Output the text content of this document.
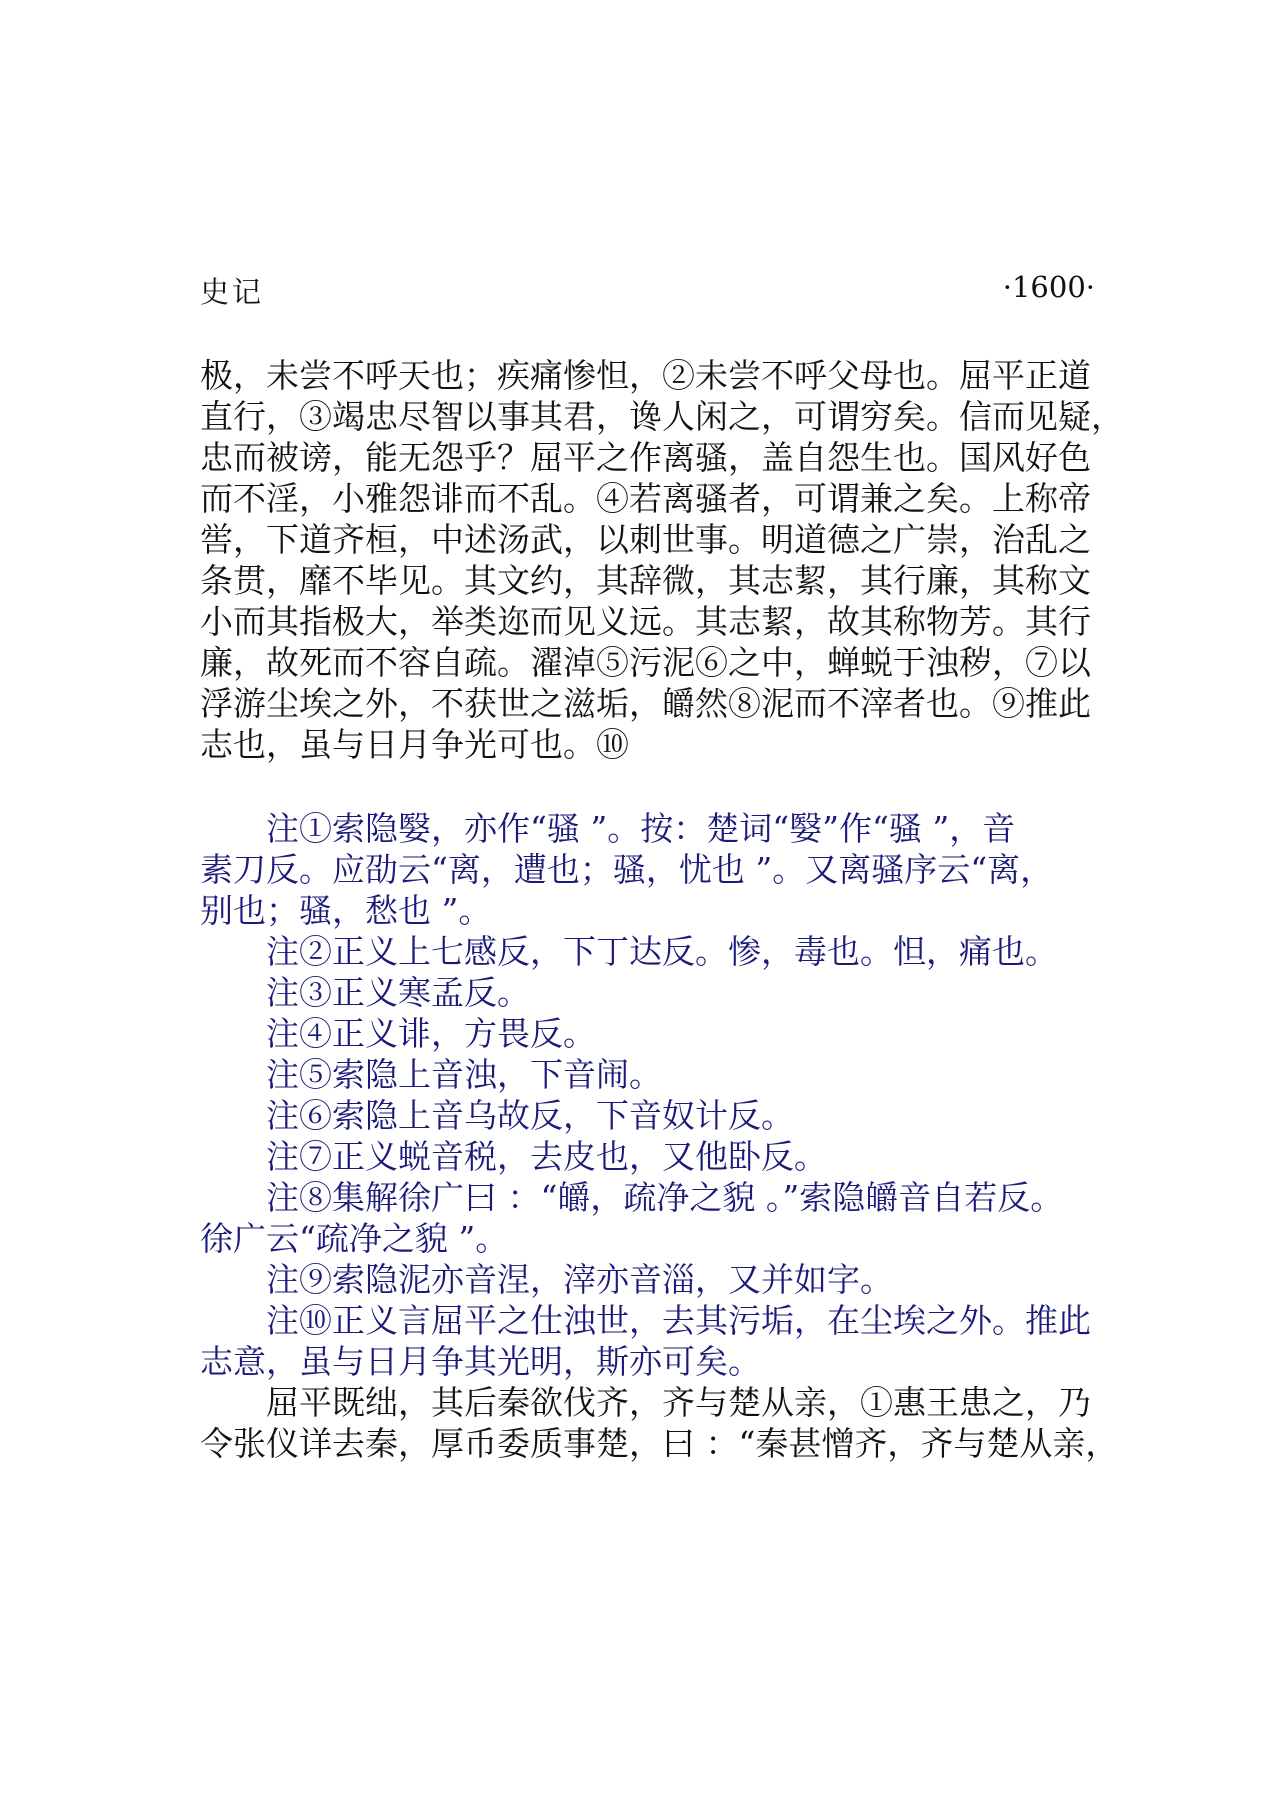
史记	·1600·

极，未尝不呼天也；疾痛惨怛，②未尝不呼父母也。屈平正道
直行，③竭忠尽智以事其君，谗人闲之，可谓穷矣。信而见疑，
忠而被谤，能无怨乎？屈平之作离骚，盖自怨生也。国风好色
而不淫，小雅怨诽而不乱。④若离骚者，可谓兼之矣。上称帝
喾，下道齐桓，中述汤武，以刺世事。明道德之广崇，治乱之
条贯，靡不毕见。其文约，其辞微，其志絜，其行廉，其称文
小而其指极大，举类迩而见义远。其志絜，故其称物芳。其行
廉，故死而不容自疏。濯淖⑤污泥⑥之中，蝉蜕于浊秽，⑦以
浮游尘埃之外，不获世之滋垢，皭然⑧泥而不滓者也。⑨推此
志也，虽与日月争光可也。⑩

注①索隐嫛，亦作“骚 ”。按：楚词“嫛”作“骚 ”，音
素刀反。应劭云“离，遭也；骚，忧也 ”。又离骚序云“离，
别也；骚，愁也 ”。

注②正义上七感反，下丁达反。惨，毒也。怛，痛也。

注③正义寒孟反。

注④正义诽，方畏反。

注⑤索隐上音浊，下音闹。

注⑥索隐上音乌故反，下音奴计反。

注⑦正义蜕音税，去皮也，又他卧反。

注⑧集解徐广曰 ：“皭，疏净之貌 。”索隐皭音自若反。
徐广云“疏净之貌 ”。

注⑨索隐泥亦音涅，滓亦音淄，又并如字。

注⑩正义言屈平之仕浊世，去其污垢，在尘埃之外。推此
志意，虽与日月争其光明，斯亦可矣。

屈平既绌，其后秦欲伐齐，齐与楚从亲，①惠王患之，乃
令张仪详去秦，厚币委质事楚，曰 ：“秦甚憎齐，齐与楚从亲，
